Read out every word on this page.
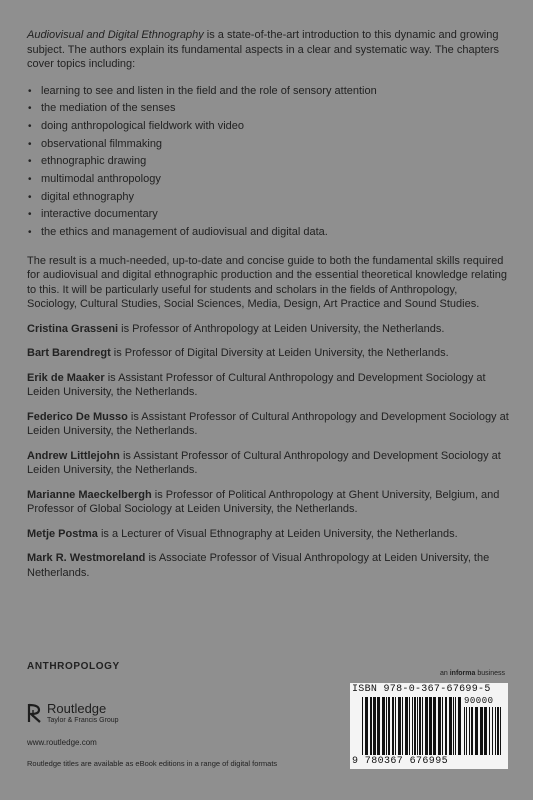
Audiovisual and Digital Ethnography is a state-of-the-art introduction to this dynamic and growing subject. The authors explain its fundamental aspects in a clear and systematic way. The chapters cover topics including:

• learning to see and listen in the field and the role of sensory attention
• the mediation of the senses
• doing anthropological fieldwork with video
• observational filmmaking
• ethnographic drawing
• multimodal anthropology
• digital ethnography
• interactive documentary
• the ethics and management of audiovisual and digital data.

The result is a much-needed, up-to-date and concise guide to both the fundamental skills required for audiovisual and digital ethnographic production and the essential theoretical knowledge relating to this. It will be particularly useful for students and scholars in the fields of Anthropology, Sociology, Cultural Studies, Social Sciences, Media, Design, Art Practice and Sound Studies.

Cristina Grasseni is Professor of Anthropology at Leiden University, the Netherlands.

Bart Barendregt is Professor of Digital Diversity at Leiden University, the Netherlands.

Erik de Maaker is Assistant Professor of Cultural Anthropology and Development Sociology at Leiden University, the Netherlands.

Federico De Musso is Assistant Professor of Cultural Anthropology and Development Sociology at Leiden University, the Netherlands.

Andrew Littlejohn is Assistant Professor of Cultural Anthropology and Development Sociology at Leiden University, the Netherlands.

Marianne Maeckelbergh is Professor of Political Anthropology at Ghent University, Belgium, and Professor of Global Sociology at Leiden University, the Netherlands.

Metje Postma is a Lecturer of Visual Ethnography at Leiden University, the Netherlands.

Mark R. Westmoreland is Associate Professor of Visual Anthropology at Leiden University, the Netherlands.

ANTHROPOLOGY
an informa business
Routledge
Taylor & Francis Group
www.routledge.com
Routledge titles are available as eBook editions in a range of digital formats
ISBN 978-0-367-67699-5
90000
9 780367 676995
